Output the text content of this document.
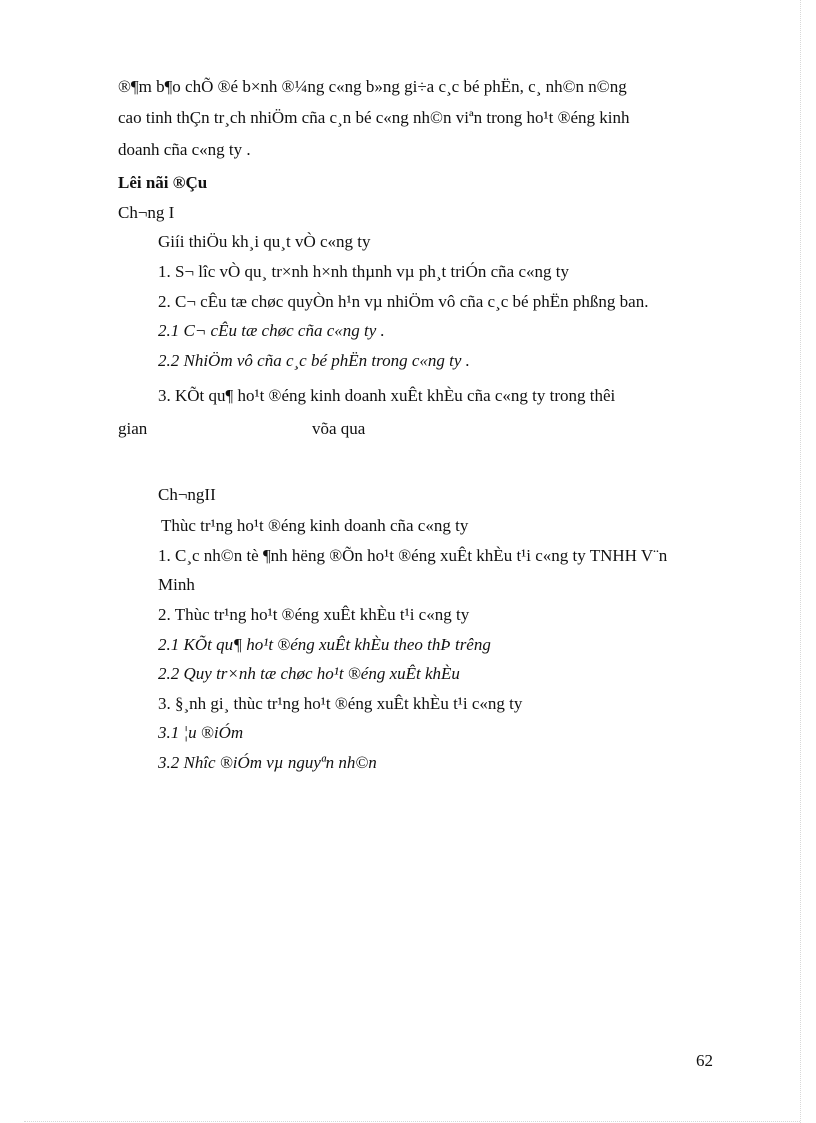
®¶m b¶o chÕ ®é b×nh ®¼ng c«ng b»ng gi÷a c¸c bé phËn, c¸ nh©n n©ng
cao tinh thÇn tr¸ch nhiÖm cña c¸n bé c«ng nh©n viªn trong ho¹t ®éng kinh
doanh cña c«ng ty .
Lêi nãi ®Çu
Ch¬ng I
Giíi thiÖu kh¸i qu¸t vÒ c«ng ty
1. S¬ lîc vÒ qu¸ tr×nh h×nh thµnh vµ ph¸t triÓn cña c«ng ty
2. C¬ cÊu tæ chøc quyÒn h¹n vµ nhiÖm vô cña c¸c bé phËn phßng ban.
2.1 C¬ cÊu tæ chøc cña c«ng ty .
2.2 NhiÖm vô cña c¸c bé phËn trong c«ng ty .
3. KÕt qu¶ ho¹t ®éng kinh doanh xuÊt khÈu cña c«ng ty trong thêi
gian	võa qua
Ch¬ngII
Thùc tr¹ng ho¹t ®éng kinh doanh cña c«ng ty
1. C¸c nh©n tè ¶nh hëng ®Õn ho¹t ®éng xuÊt khÈu t¹i c«ng ty TNHH V¨n
Minh
2. Thùc tr¹ng ho¹t ®éng xuÊt khÈu t¹i c«ng ty
2.1 KÕt qu¶ ho¹t ®éng xuÊt khÈu theo thÞ trêng
2.2 Quy tr×nh tæ chøc ho¹t ®éng xuÊt khÈu
3. §¸nh gi¸ thùc tr¹ng ho¹t ®éng xuÊt khÈu t¹i c«ng ty
3.1 ¦u ®iÓm
3.2 Nhîc ®iÓm vµ nguyªn nh©n
62
